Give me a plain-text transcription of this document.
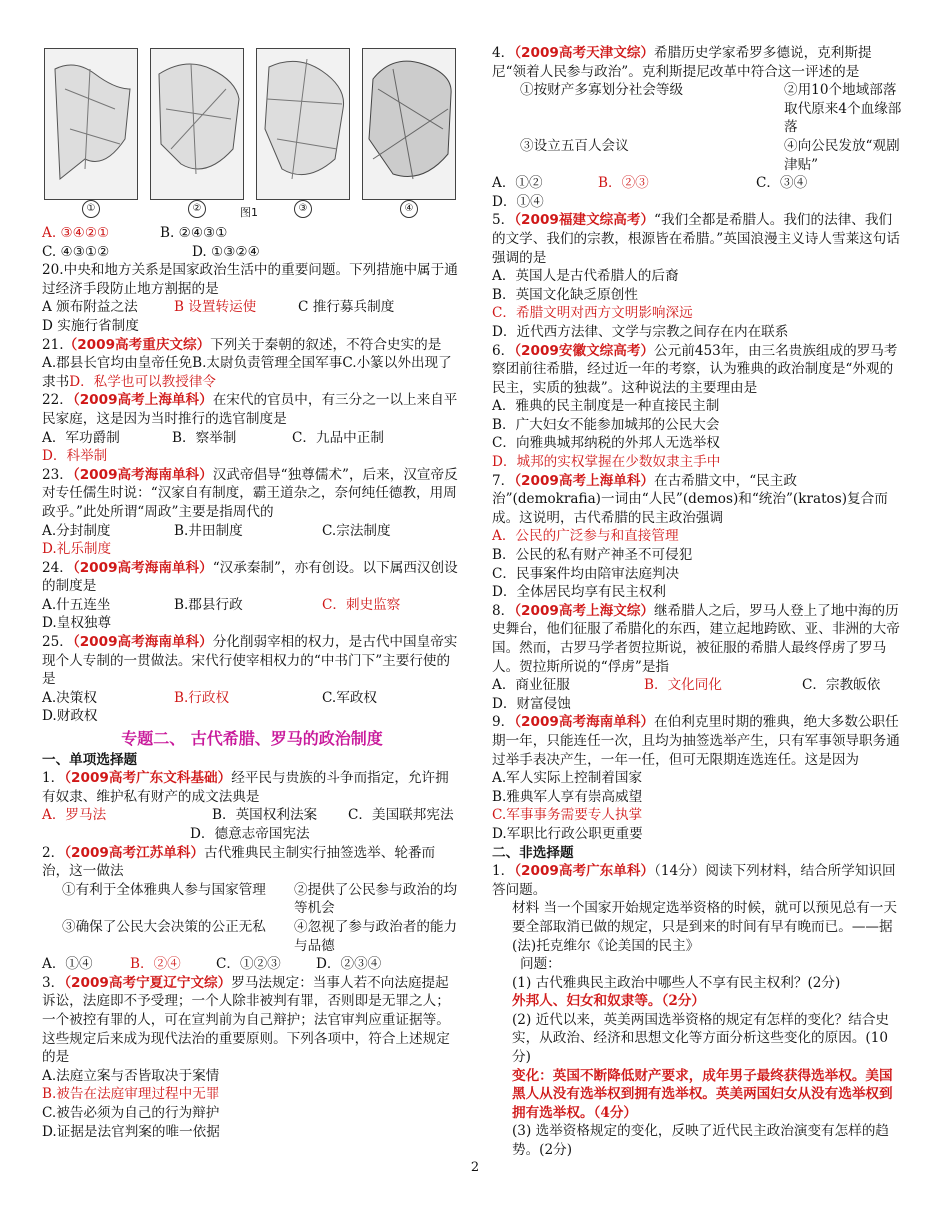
①	②	图1	③	④
A. ③④②①	B. ②④③①
C. ④③①②	D. ①③②④

20.中央和地方关系是国家政治生活中的重要问题。下列措施中属于通过经济手段防止地方割据的是

A 颁布附益之法	B 设置转运使	C 推行募兵制度
D 实施行省制度

21.（2009高考重庆文综）下列关于秦朝的叙述，不符合史实的是

A.郡县长官均由皇帝任免B.太尉负责管理全国军事C.小篆以外出现了隶书D．私学也可以教授律令

22．（2009高考上海单科）在宋代的官员中，有三分之一以上来自平民家庭，这是因为当时推行的选官制度是

A．军功爵制	B．察举制	C．九品中正制
D．科举制

23．（2009高考海南单科）汉武帝倡导“独尊儒术”，后来，汉宣帝反对专任儒生时说：“汉家自有制度，霸王道杂之，奈何纯任德教，用周政乎。”此处所谓“周政”主要是指周代的

A.分封制度	B.井田制度	C.宗法制度
D.礼乐制度

24．（2009高考海南单科）“汉承秦制”，亦有创设。以下属西汉创设的制度是

A.什五连坐	B.郡县行政	C．刺史监察
D.皇权独尊

25．（2009高考海南单科）分化削弱宰相的权力，是古代中国皇帝实现个人专制的一贯做法。宋代行使宰相权力的“中书门下”主要行使的是

A.决策权	B.行政权	C.军政权
D.财政权
专题二、 古代希腊、罗马的政治制度
一、单项选择题

1．（2009高考广东文科基础）经平民与贵族的斗争而指定，允许拥有奴隶、维护私有财产的成文法典是

A．罗马法	B．英国权利法案	C．美国联邦宪法
D．德意志帝国宪法

2．（2009高考江苏单科）古代雅典民主制实行抽签选举、轮番而治，这一做法

①有利于全体雅典人参与国家管理	②提供了公民参与政治的均等机会
③确保了公民大会决策的公正无私	④忽视了参与政治者的能力与品德
A．①④	B．②④	C．①②③	D．②③④

3．（2009高考宁夏辽宁文综）罗马法规定：当事人若不向法庭提起诉讼，法庭即不予受理；一个人除非被判有罪，否则即是无罪之人；一个被控有罪的人，可在宣判前为自己辩护；法官审判应重证据等。这些规定后来成为现代法治的重要原则。下列各项中，符合上述规定的是

A.法庭立案与否皆取决于案情
B.被告在法庭审理过程中无罪
C.被告必须为自己的行为辩护
D.证据是法官判案的唯一依据

4．（2009高考天津文综）希腊历史学家希罗多德说，克利斯提尼“领着人民参与政治”。克利斯提尼改革中符合这一评述的是

①按财产多寡划分社会等级	②用10个地域部落取代原来4个血缘部落
③设立五百人会议	④向公民发放“观剧津贴”
A．①②	B．②③	C．③④
D．①④

5．（2009福建文综高考）“我们全都是希腊人。我们的法律、我们的文学、我们的宗教，根源皆在希腊。”英国浪漫主义诗人雪莱这句话强调的是

A．英国人是古代希腊人的后裔
B．英国文化缺乏原创性
C．希腊文明对西方文明影响深远
D．近代西方法律、文学与宗教之间存在内在联系

6．（2009安徽文综高考）公元前453年，由三名贵族组成的罗马考察团前往希腊，经过近一年的考察，认为雅典的政治制度是“外观的民主，实质的独裁”。这种说法的主要理由是

A．雅典的民主制度是一种直接民主制
B．广大妇女不能参加城邦的公民大会
C．向雅典城邦纳税的外邦人无选举权
D．城邦的实权掌握在少数奴隶主手中

7．（2009高考上海单科）在古希腊文中，“民主政治”(demokrafia)一词由“人民”(demos)和“统治”(kratos)复合而成。这说明，古代希腊的民主政治强调

A．公民的广泛参与和直接管理
B．公民的私有财产神圣不可侵犯
C．民事案件均由陪审法庭判决
D．全体居民均享有民主权利

8．（2009高考上海文综）继希腊人之后，罗马人登上了地中海的历史舞台，他们征服了希腊化的东西，建立起地跨欧、亚、非洲的大帝国。然而，古罗马学者贺拉斯说，被征服的希腊人最终俘虏了罗马人。贺拉斯所说的“俘虏”是指

A．商业征服	B．文化同化	C．宗教皈依
D．财富侵蚀

9．（2009高考海南单科）在伯利克里时期的雅典，绝大多数公职任期一年，只能连任一次，且均为抽签选举产生，只有军事领导职务通过举手表决产生，一年一任，但可无限期连选连任。这是因为

A.军人实际上控制着国家
B.雅典军人享有崇高威望
C.军事事务需要专人执掌
D.军职比行政公职更重要
二、非选择题

1．（2009高考广东单科）（14分）阅读下列材料，结合所学知识回答问题。

材料 当一个国家开始规定选举资格的时候，就可以预见总有一天要全部取消已做的规定，只是到来的时间有早有晚而已。——据(法)托克维尔《论美国的民主》

问题：

(1) 古代雅典民主政治中哪些人不享有民主权利？(2分)

外邦人、妇女和奴隶等。（2分）

(2) 近代以来，英美两国选举资格的规定有怎样的变化？结合史实，从政治、经济和思想文化等方面分析这些变化的原因。(10分)

变化：英国不断降低财产要求，成年男子最终获得选举权。美国黑人从没有选举权到拥有选举权。英美两国妇女从没有选举权到拥有选举权。（4分）

(3) 选举资格规定的变化，反映了近代民主政治演变有怎样的趋势。(2分)

2
